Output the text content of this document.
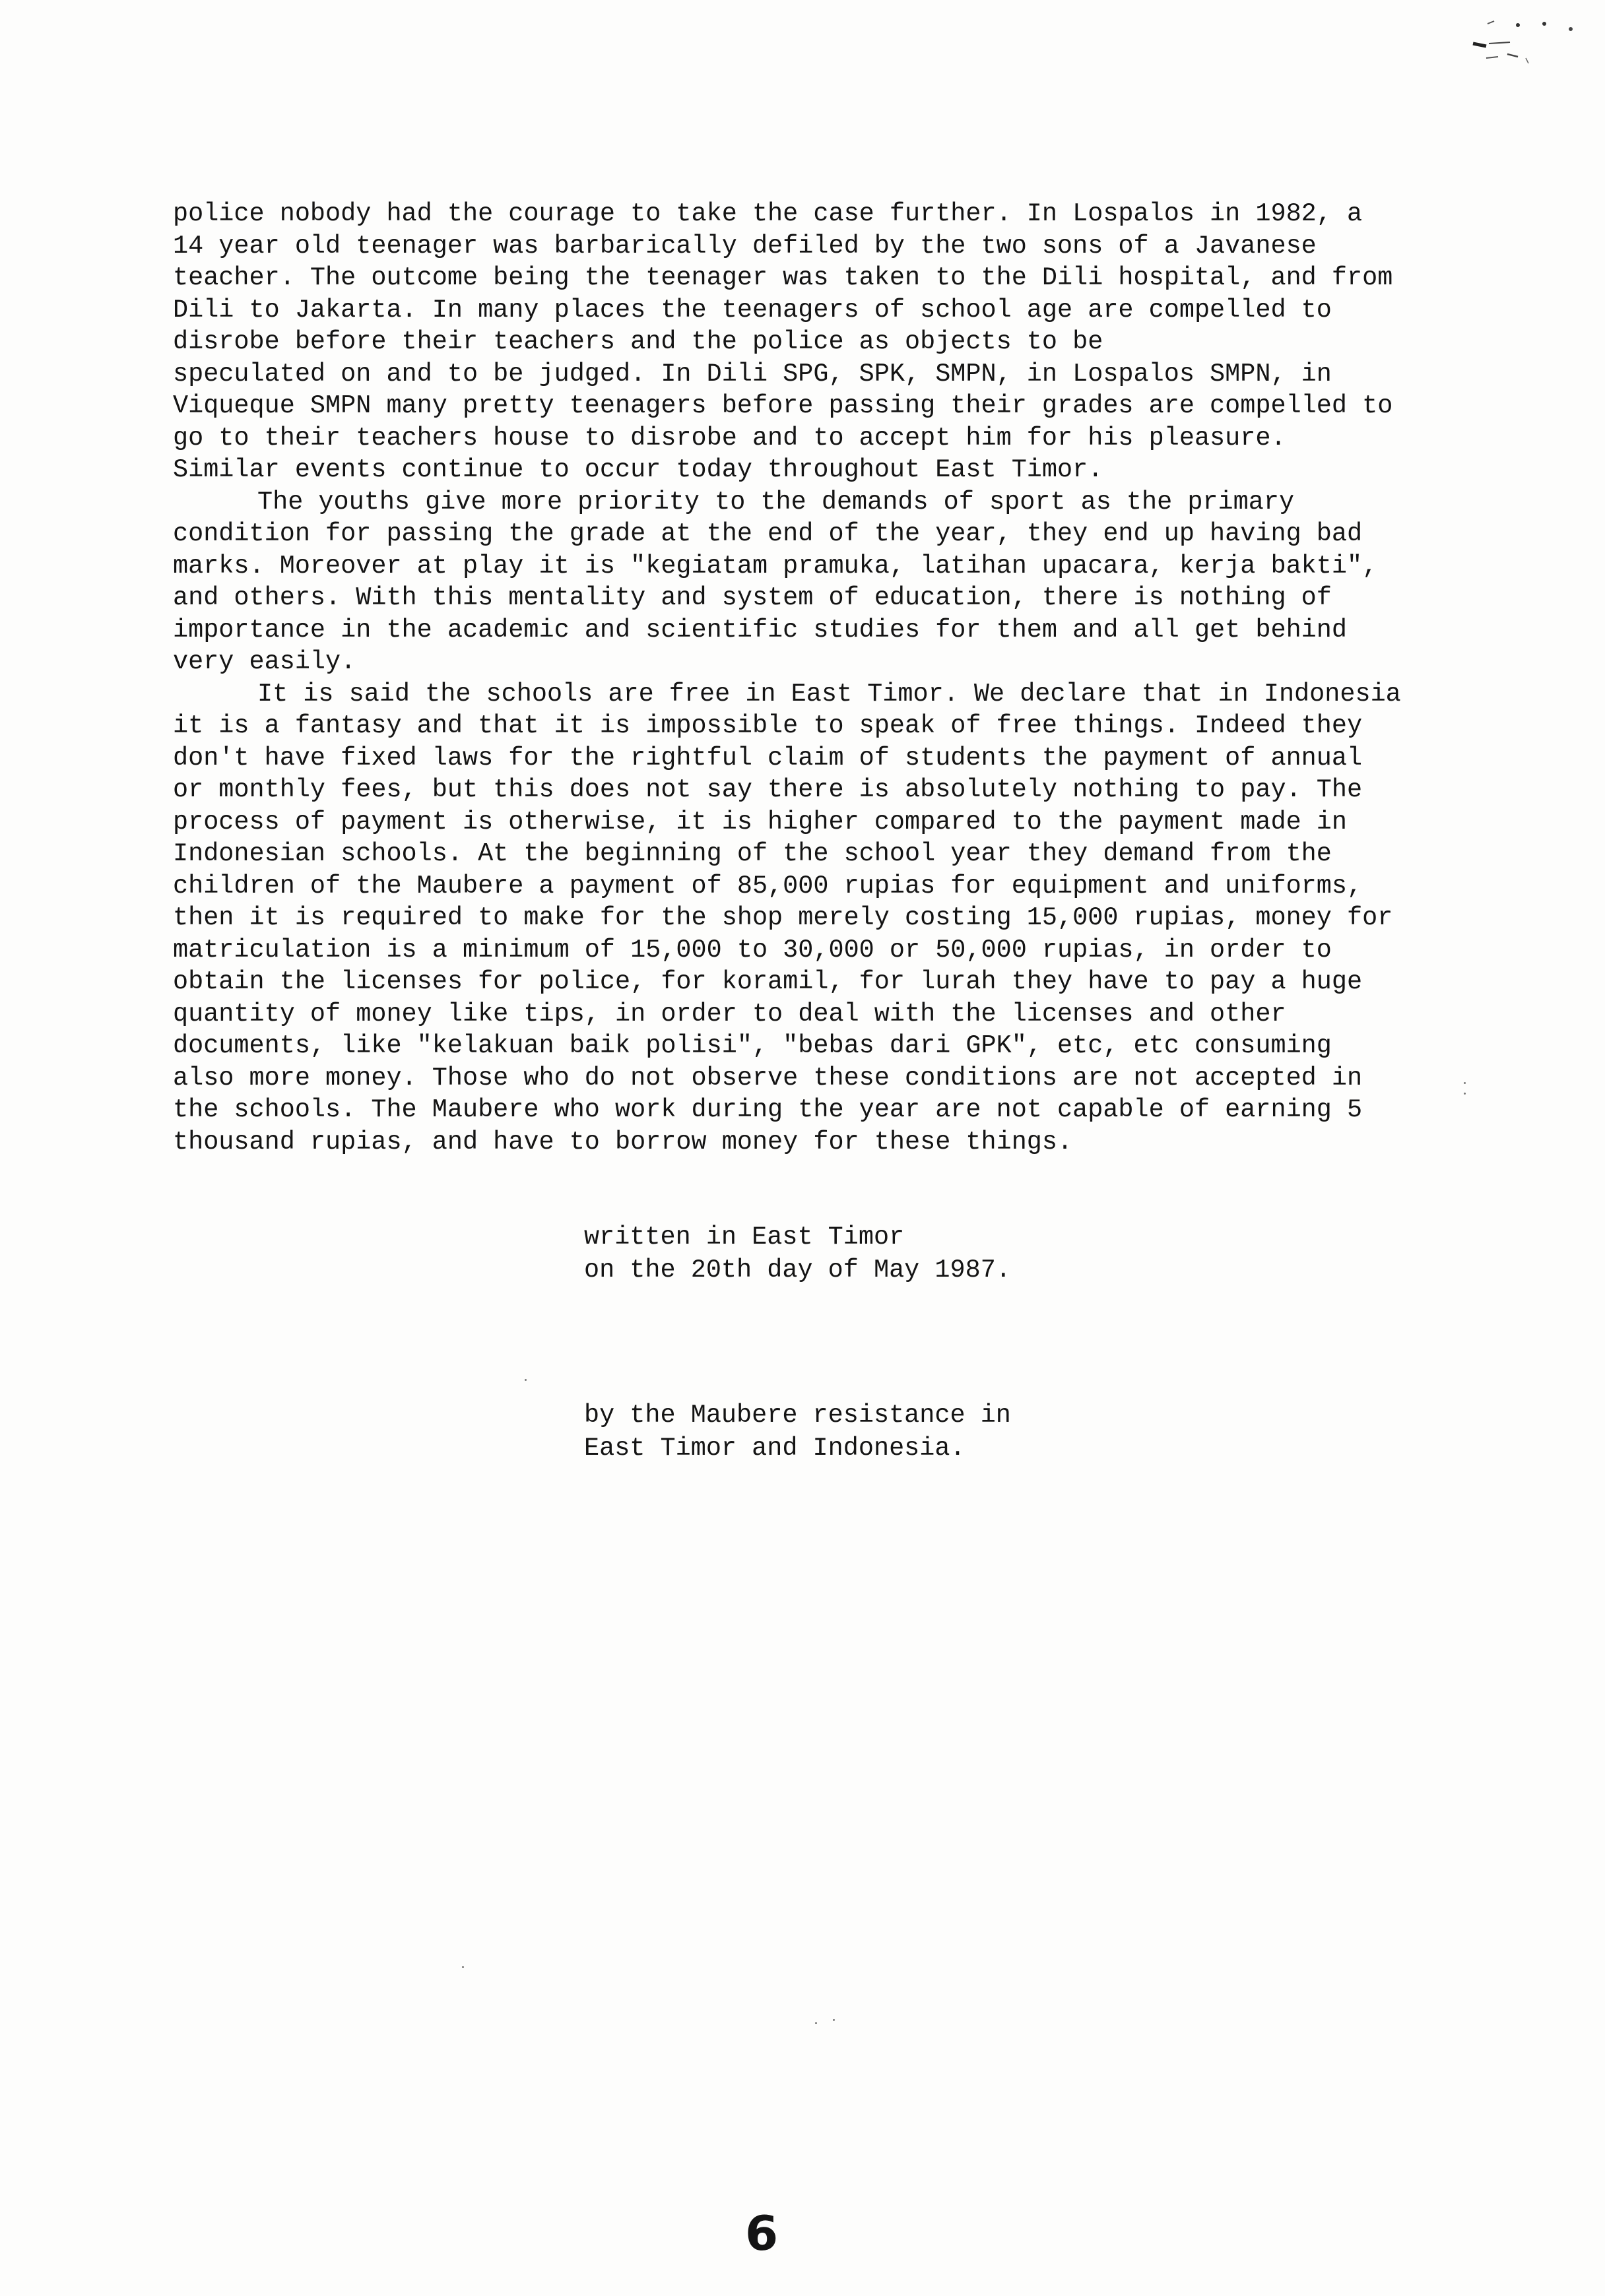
police nobody had the courage to take the case further. In Lospalos in 1982, a
14 year old teenager was barbarically defiled by the two sons of a Javanese
teacher. The outcome being the teenager was taken to the Dili hospital, and from
Dili to Jakarta. In many places the teenagers of school age are compelled to
disrobe before their teachers and the police as objects to be
speculated on and to be judged. In Dili SPG, SPK, SMPN, in Lospalos SMPN, in
Viqueque SMPN many pretty teenagers before passing their grades are compelled to
go to their teachers house to disrobe and to accept him for his pleasure.
Similar events continue to occur today throughout East Timor.
The youths give more priority to the demands of sport as the primary
condition for passing the grade at the end of the year, they end up having bad
marks. Moreover at play it is "kegiatam pramuka, latihan upacara, kerja bakti",
and others. With this mentality and system of education, there is nothing of
importance in the academic and scientific studies for them and all get behind
very easily.
It is said the schools are free in East Timor. We declare that in Indonesia
it is a fantasy and that it is impossible to speak of free things. Indeed they
don't have fixed laws for the rightful claim of students the payment of annual
or monthly fees, but this does not say there is absolutely nothing to pay. The
process of payment is otherwise, it is higher compared to the payment made in
Indonesian schools. At the beginning of the school year they demand from the
children of the Maubere a payment of 85,000 rupias for equipment and uniforms,
then it is required to make for the shop merely costing 15,000 rupias, money for
matriculation is a minimum of 15,000 to 30,000 or 50,000 rupias, in order to
obtain the licenses for police, for koramil, for lurah they have to pay a huge
quantity of money like tips, in order to deal with the licenses and other
documents, like "kelakuan baik polisi", "bebas dari GPK", etc, etc consuming
also more money. Those who do not observe these conditions are not accepted in
the schools. The Maubere who work during the year are not capable of earning 5
thousand rupias, and have to borrow money for these things.
written in East Timor
on the 20th day of May 1987.
by the Maubere resistance in
East Timor and Indonesia.
6
